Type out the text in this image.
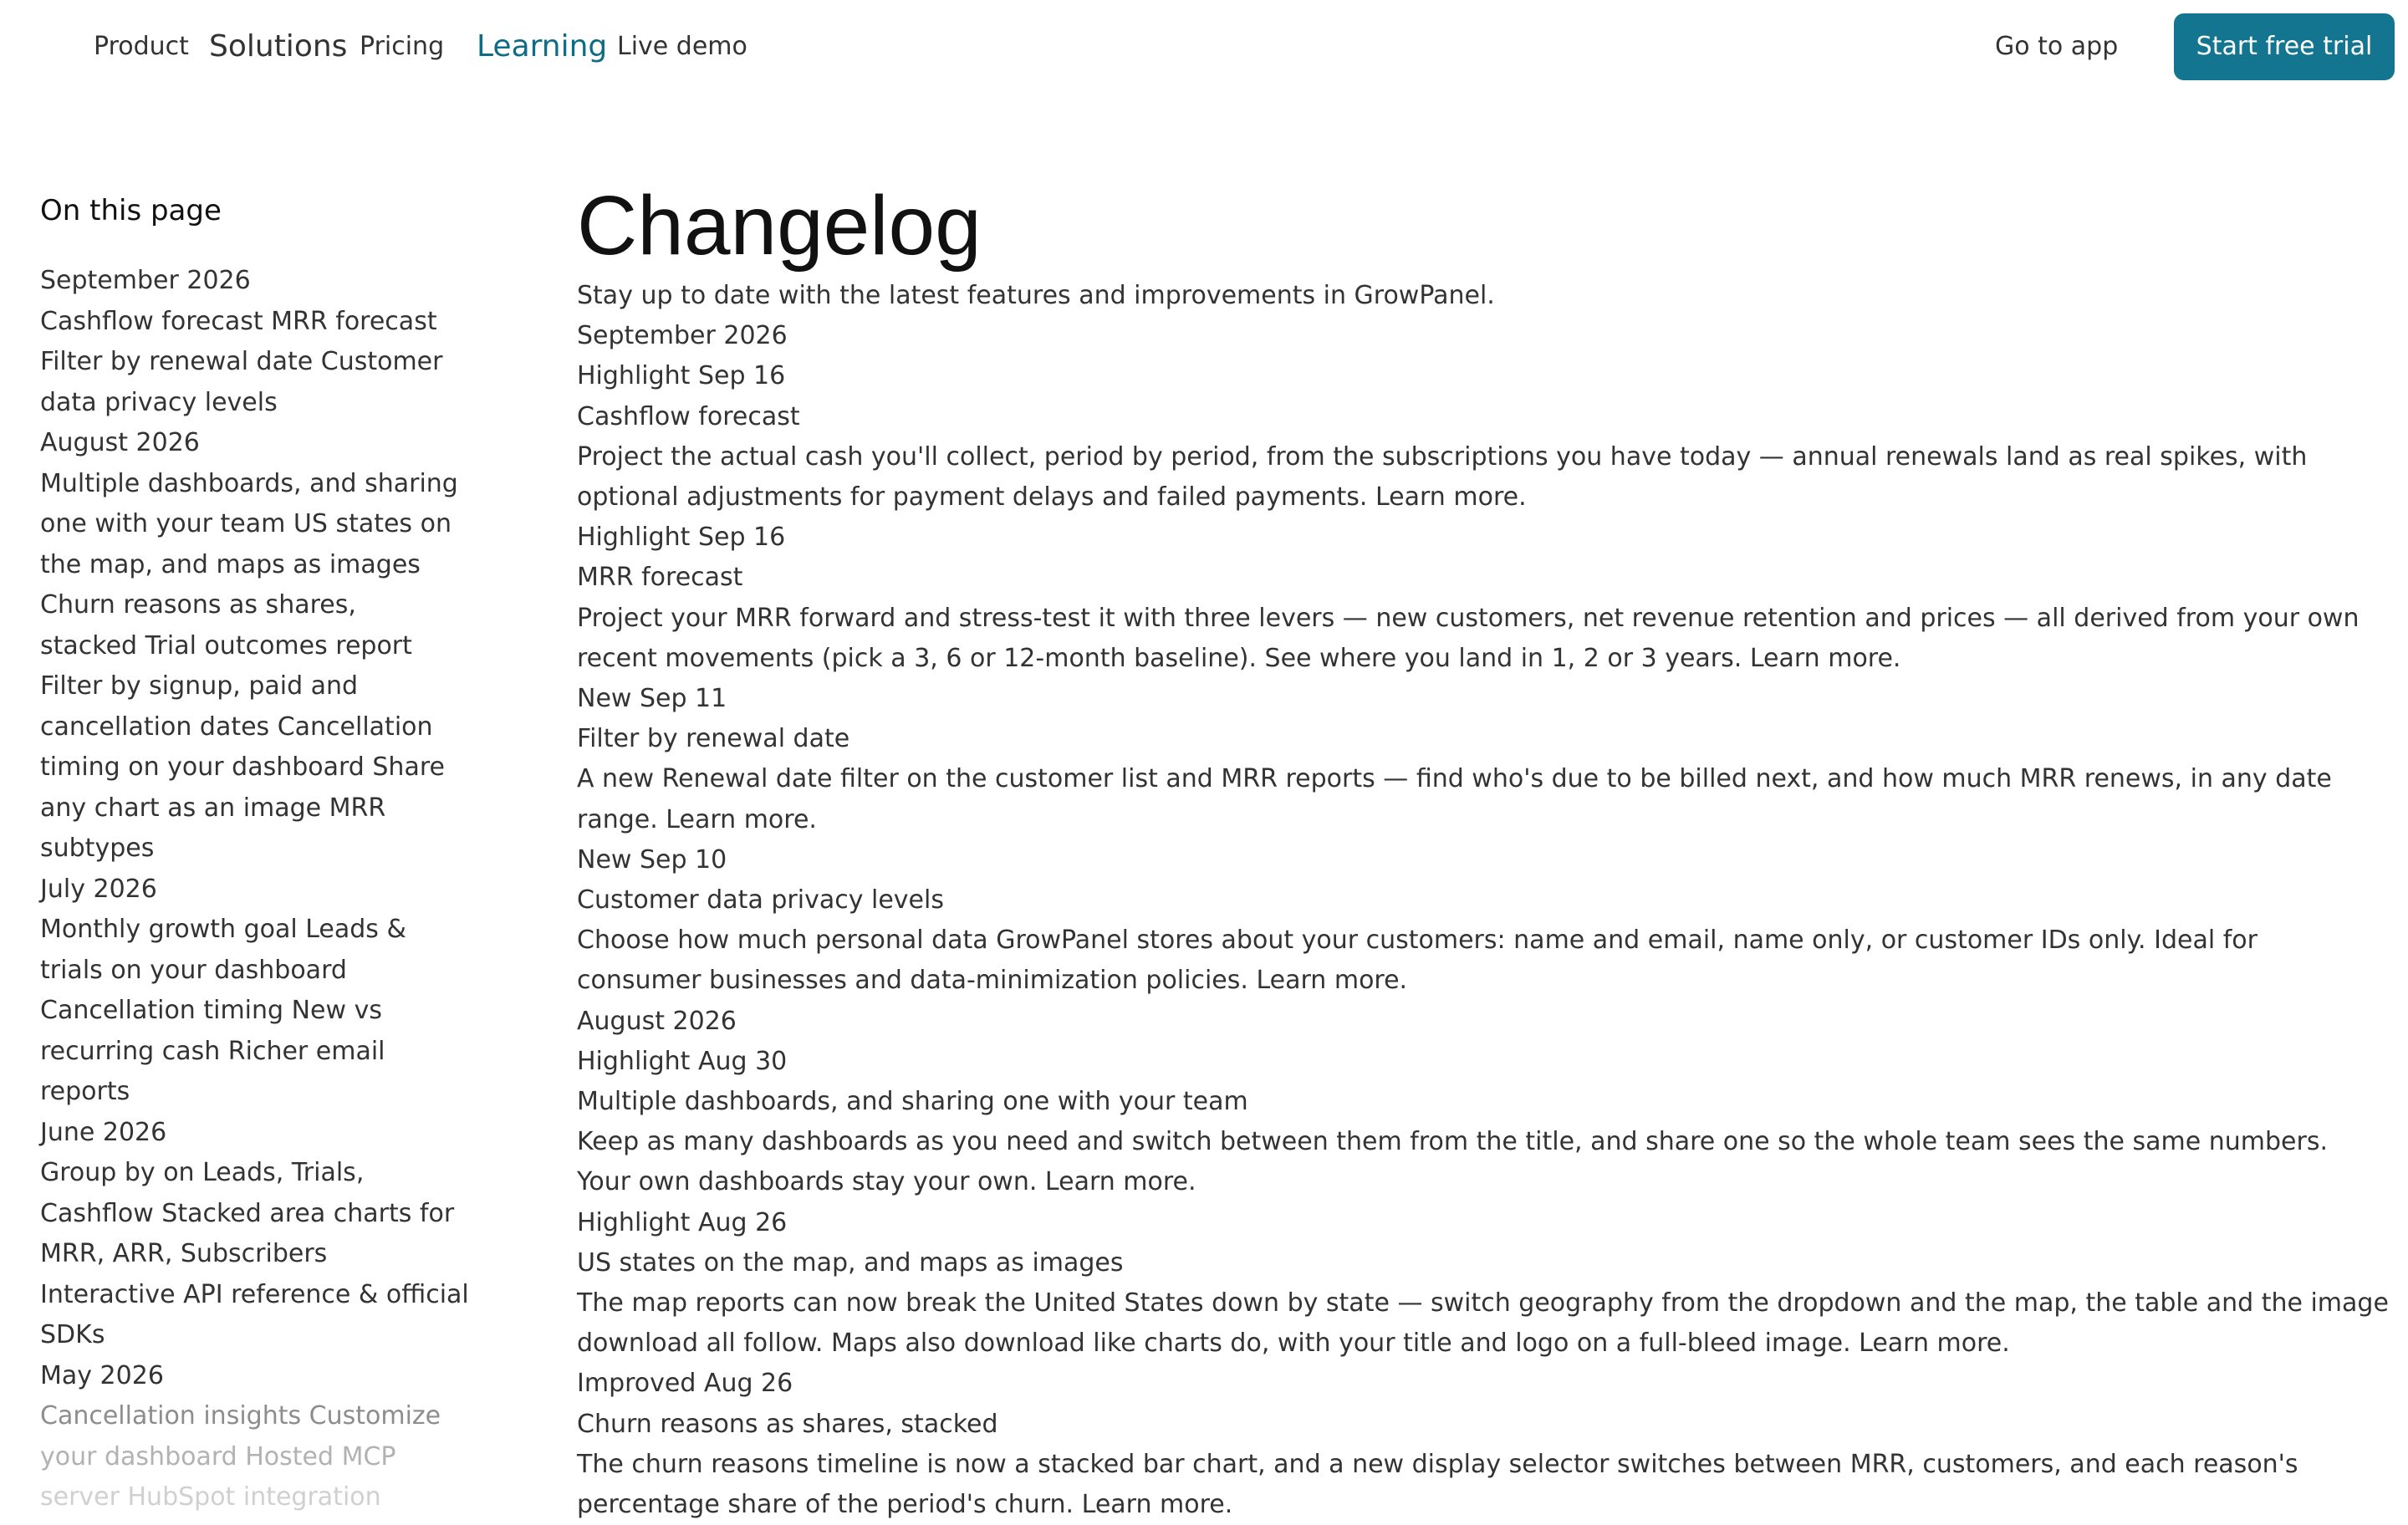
Product Solutions Pricing Learning Live demo	Go to app	Start free trial
On this page
September 2026
Cashflow forecast MRR forecast
Filter by renewal date Customer
data privacy levels
August 2026
Multiple dashboards, and sharing
one with your team US states on
the map, and maps as images
Churn reasons as shares,
stacked Trial outcomes report
Filter by signup, paid and
cancellation dates Cancellation
timing on your dashboard Share
any chart as an image MRR
subtypes
July 2026
Monthly growth goal Leads &
trials on your dashboard
Cancellation timing New vs
recurring cash Richer email
reports
June 2026
Group by on Leads, Trials,
Cashflow Stacked area charts for
MRR, ARR, Subscribers
Interactive API reference & official
SDKs
May 2026
Cancellation insights Customize
your dashboard Hosted MCP
server HubSpot integration
Changelog
Stay up to date with the latest features and improvements in GrowPanel.
September 2026
Highlight Sep 16
Cashflow forecast
Project the actual cash you'll collect, period by period, from the subscriptions you have today — annual renewals land as real spikes, with
optional adjustments for payment delays and failed payments. Learn more.
Highlight Sep 16
MRR forecast
Project your MRR forward and stress-test it with three levers — new customers, net revenue retention and prices — all derived from your own
recent movements (pick a 3, 6 or 12-month baseline). See where you land in 1, 2 or 3 years. Learn more.
New Sep 11
Filter by renewal date
A new Renewal date filter on the customer list and MRR reports — find who's due to be billed next, and how much MRR renews, in any date
range. Learn more.
New Sep 10
Customer data privacy levels
Choose how much personal data GrowPanel stores about your customers: name and email, name only, or customer IDs only. Ideal for
consumer businesses and data-minimization policies. Learn more.
August 2026
Highlight Aug 30
Multiple dashboards, and sharing one with your team
Keep as many dashboards as you need and switch between them from the title, and share one so the whole team sees the same numbers.
Your own dashboards stay your own. Learn more.
Highlight Aug 26
US states on the map, and maps as images
The map reports can now break the United States down by state — switch geography from the dropdown and the map, the table and the image
download all follow. Maps also download like charts do, with your title and logo on a full-bleed image. Learn more.
Improved Aug 26
Churn reasons as shares, stacked
The churn reasons timeline is now a stacked bar chart, and a new display selector switches between MRR, customers, and each reason's
percentage share of the period's churn. Learn more.
